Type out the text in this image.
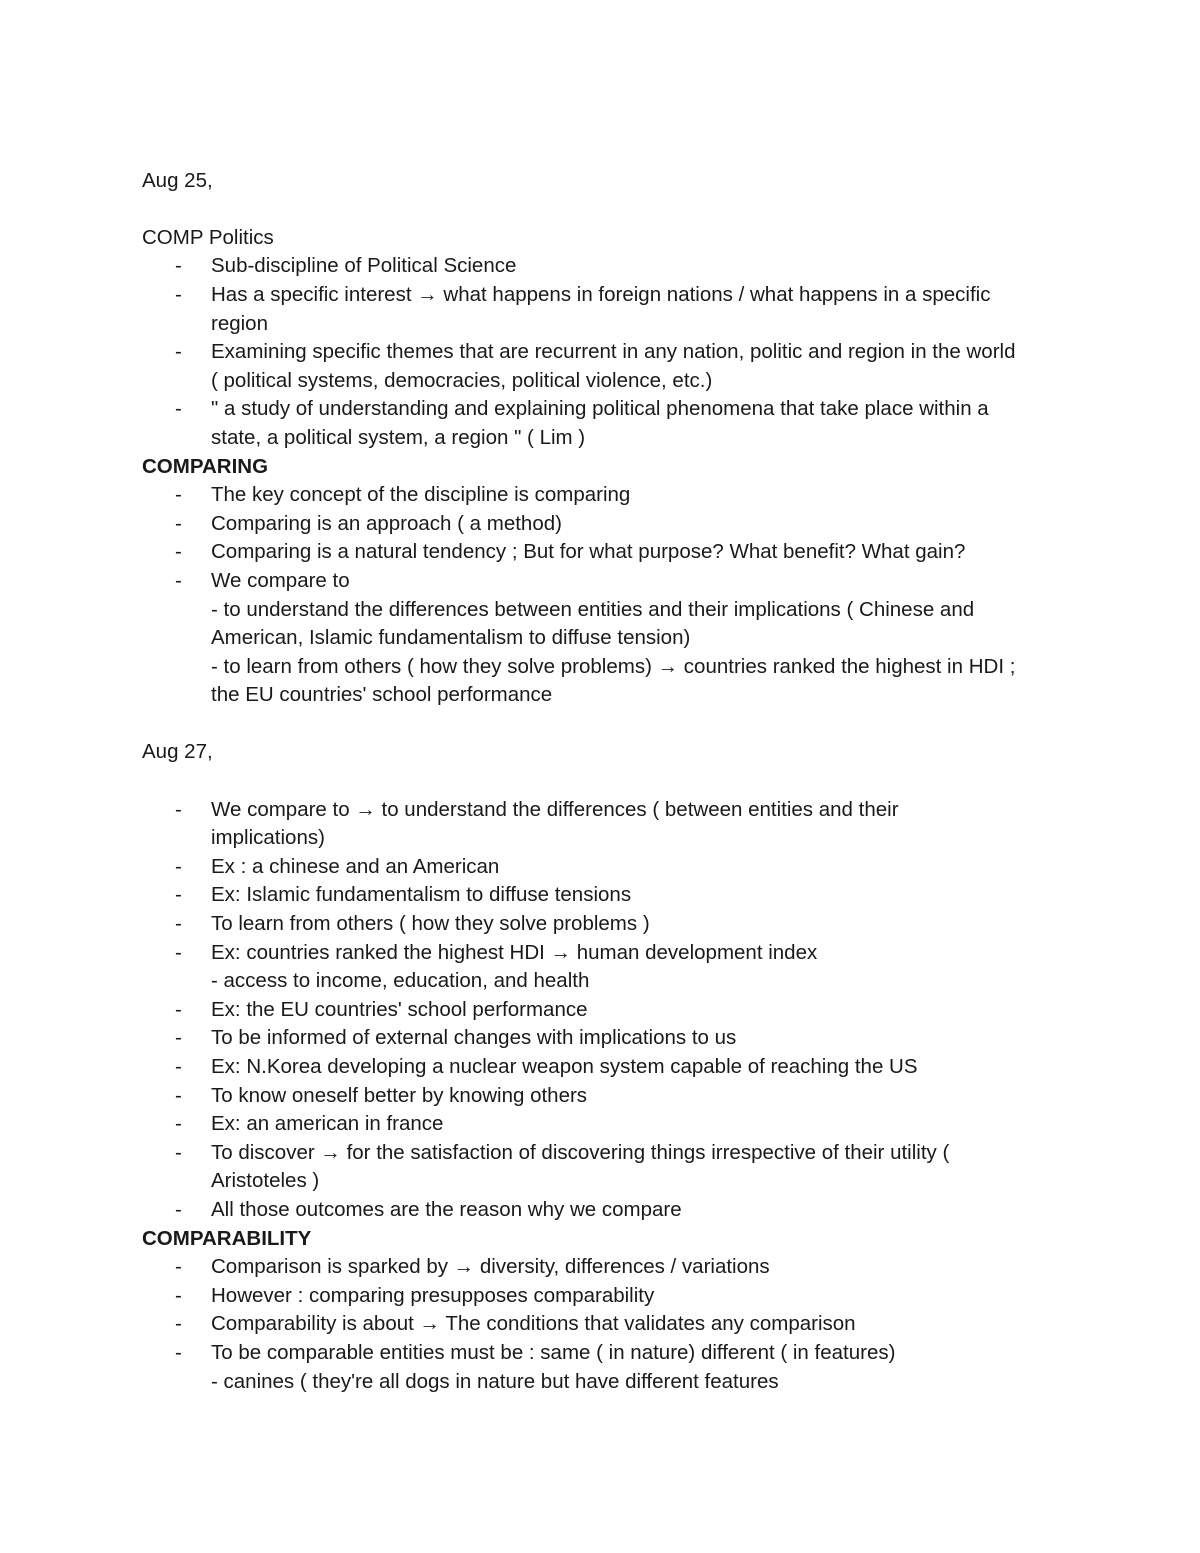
Aug 25,
COMP Politics
- Sub-discipline of Political Science
- Has a specific interest → what happens in foreign nations / what happens in a specific
region
- Examining specific themes that are recurrent in any nation, politic and region in the world
( political systems, democracies, political violence, etc.)
- " a study of understanding and explaining political phenomena that take place within a
state, a political system, a region " ( Lim )
COMPARING
- The key concept of the discipline is comparing
- Comparing is an approach ( a method)
- Comparing is a natural tendency ; But for what purpose? What benefit? What gain?
- We compare to
- to understand the differences between entities and their implications ( Chinese and
American, Islamic fundamentalism to diffuse tension)
- to learn from others ( how they solve problems) → countries ranked the highest in HDI ;
the EU countries' school performance
Aug 27,
- We compare to → to understand the differences ( between entities and their
implications)
- Ex : a chinese and an American
- Ex: Islamic fundamentalism to diffuse tensions
- To learn from others ( how they solve problems )
- Ex: countries ranked the highest HDI → human development index
- access to income, education, and health
- Ex: the EU countries' school performance
- To be informed of external changes with implications to us
- Ex: N.Korea developing a nuclear weapon system capable of reaching the US
- To know oneself better by knowing others
- Ex: an american in france
- To discover → for the satisfaction of discovering things irrespective of their utility (
Aristoteles )
- All those outcomes are the reason why we compare
COMPARABILITY
- Comparison is sparked by → diversity, differences / variations
- However : comparing presupposes comparability
- Comparability is about → The conditions that validates any comparison
- To be comparable entities must be : same ( in nature) different ( in features)
- canines ( they're all dogs in nature but have different features
